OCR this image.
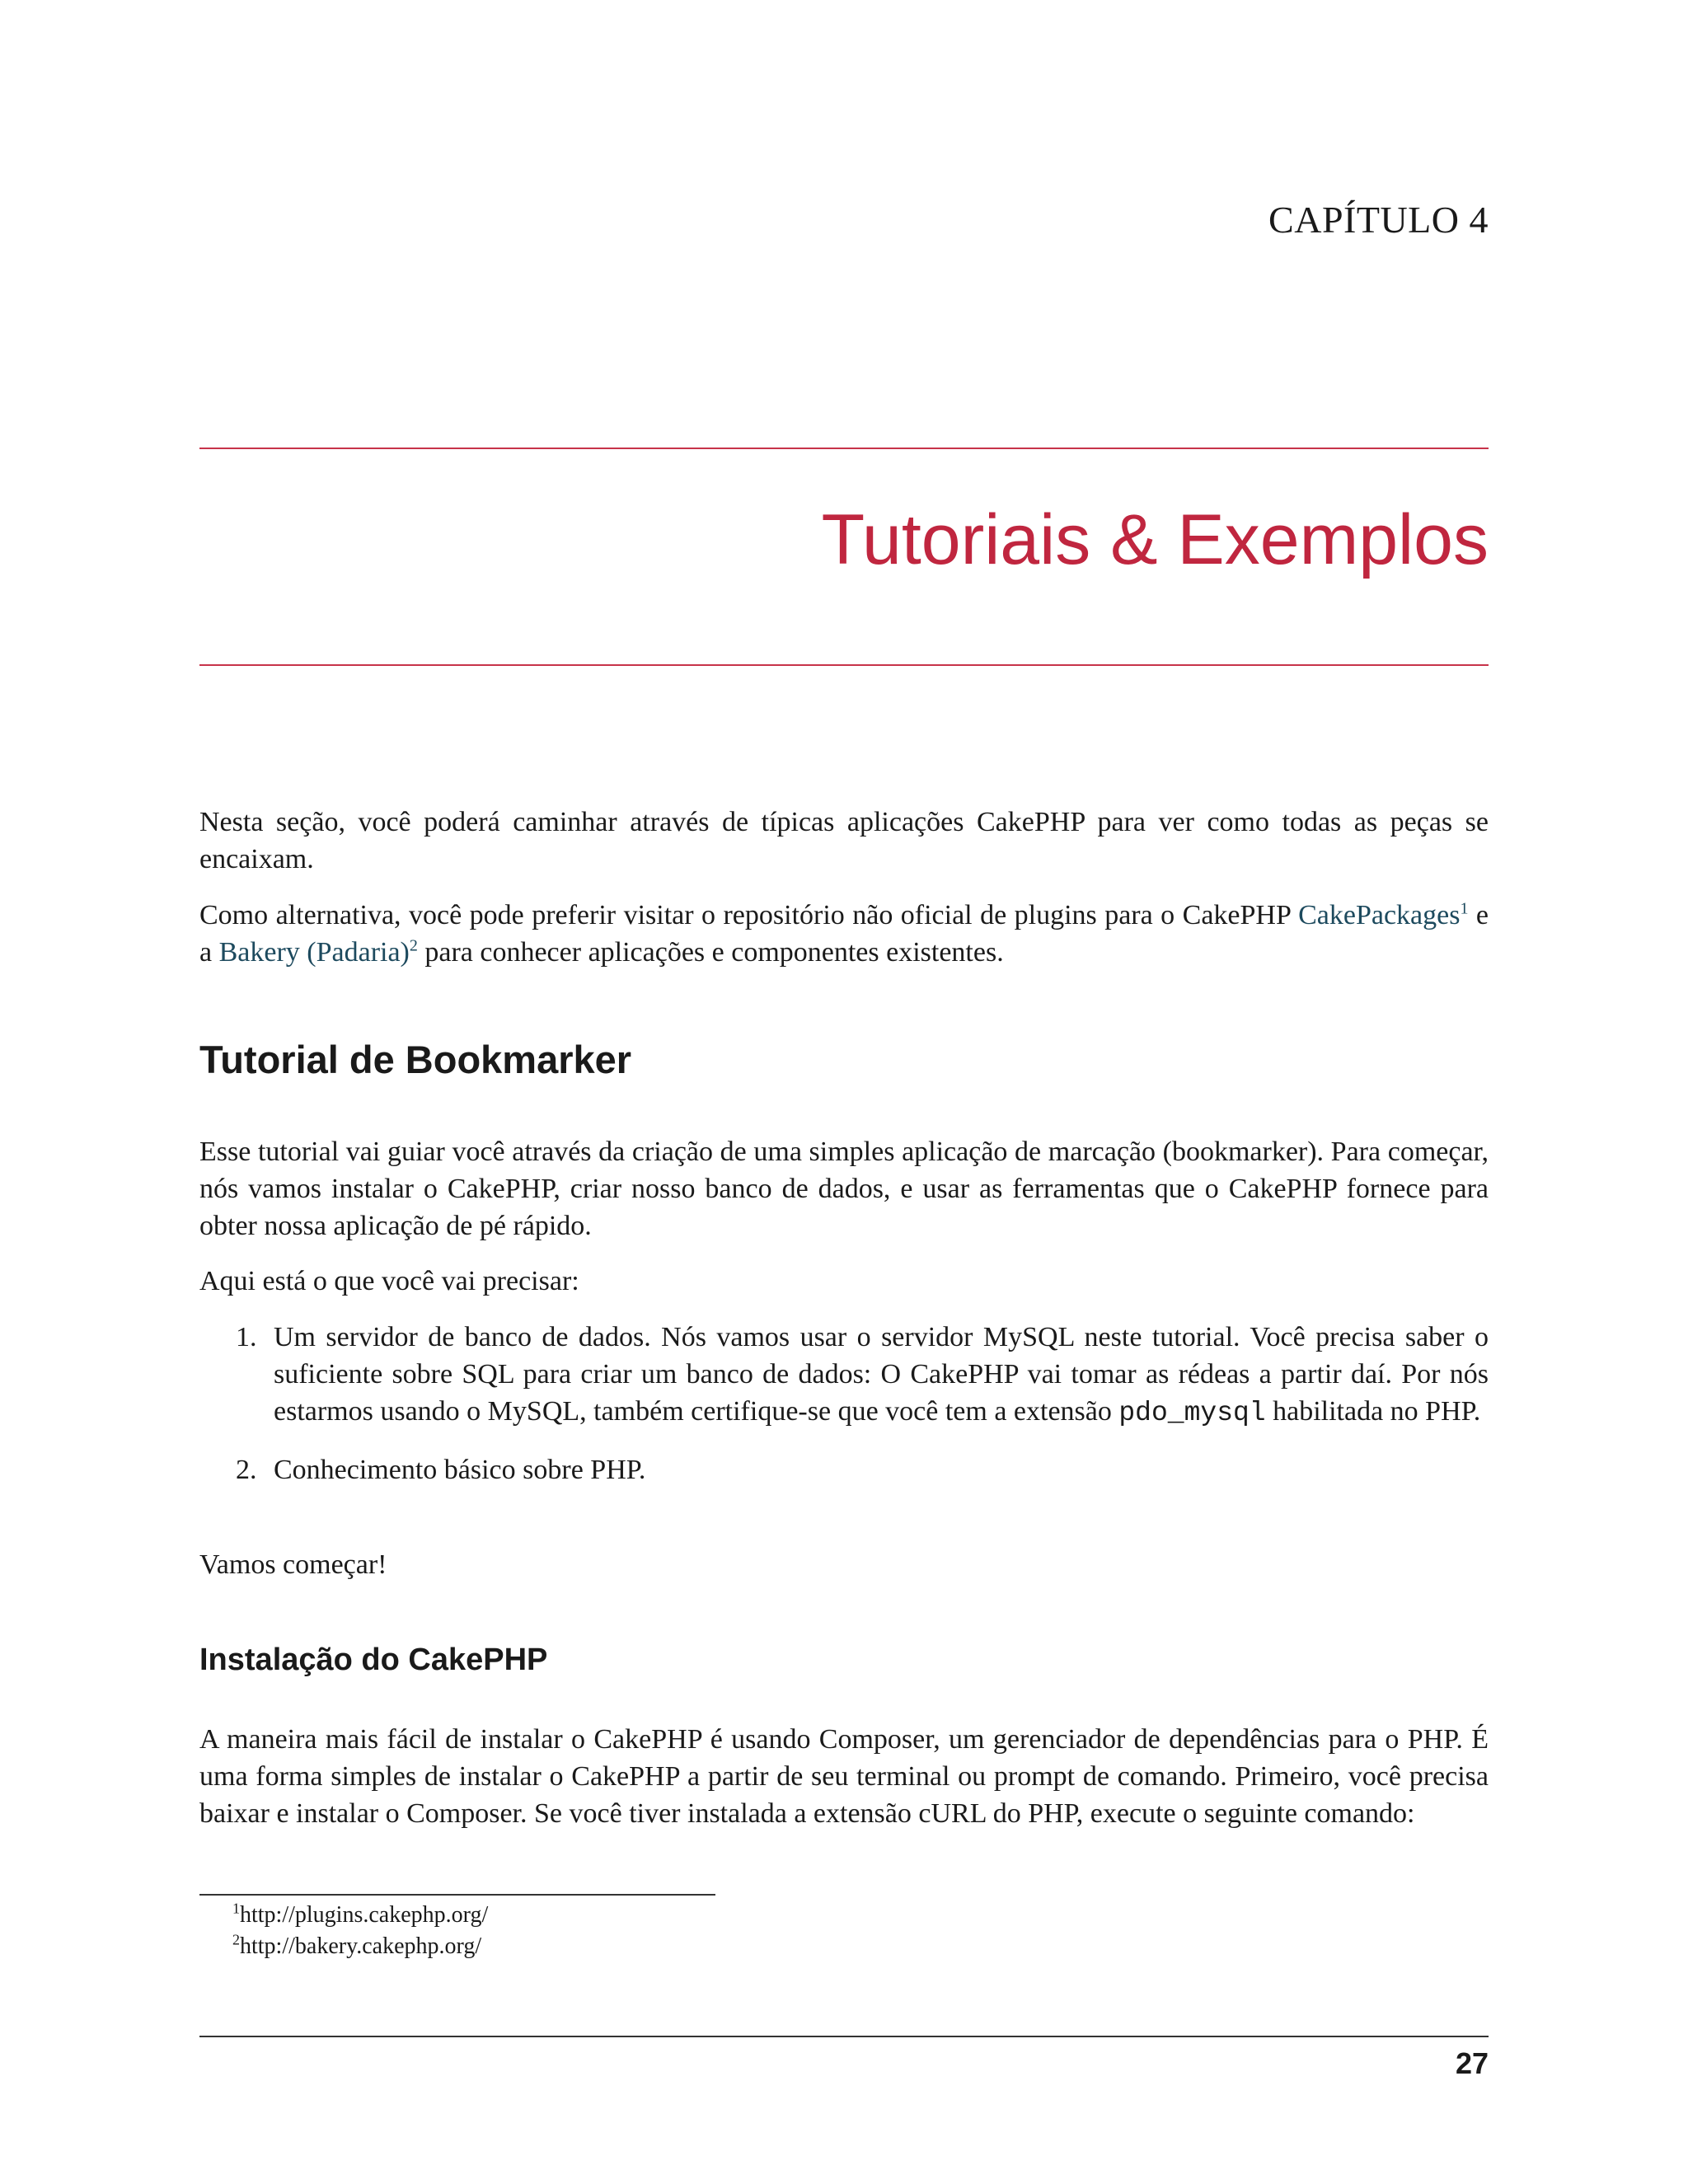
CAPÍTULO 4
Tutoriais & Exemplos

Nesta seção, você poderá caminhar através de típicas aplicações CakePHP para ver como todas as peças se encaixam.

Como alternativa, você pode preferir visitar o repositório não oficial de plugins para o CakePHP CakePackages$^1$ e a Bakery (Padaria)$^2$ para conhecer aplicações e componentes existentes.

Tutorial de Bookmarker

Esse tutorial vai guiar você através da criação de uma simples aplicação de marcação (bookmarker). Para começar, nós vamos instalar o CakePHP, criar nosso banco de dados, e usar as ferramentas que o CakePHP fornece para obter nossa aplicação de pé rápido.

Aqui está o que você vai precisar:

1. Um servidor de banco de dados. Nós vamos usar o servidor MySQL neste tutorial. Você precisa saber o suficiente sobre SQL para criar um banco de dados: O CakePHP vai tomar as rédeas a partir daí. Por nós estarmos usando o MySQL, também certifique-se que você tem a extensão pdo_mysql habilitada no PHP.
2. Conhecimento básico sobre PHP.

Vamos começar!

Instalação do CakePHP

A maneira mais fácil de instalar o CakePHP é usando Composer, um gerenciador de dependências para o PHP. É uma forma simples de instalar o CakePHP a partir de seu terminal ou prompt de comando. Primeiro, você precisa baixar e instalar o Composer. Se você tiver instalada a extensão cURL do PHP, execute o seguinte comando:

$^1$http://plugins.cakephp.org/
$^2$http://bakery.cakephp.org/
27
